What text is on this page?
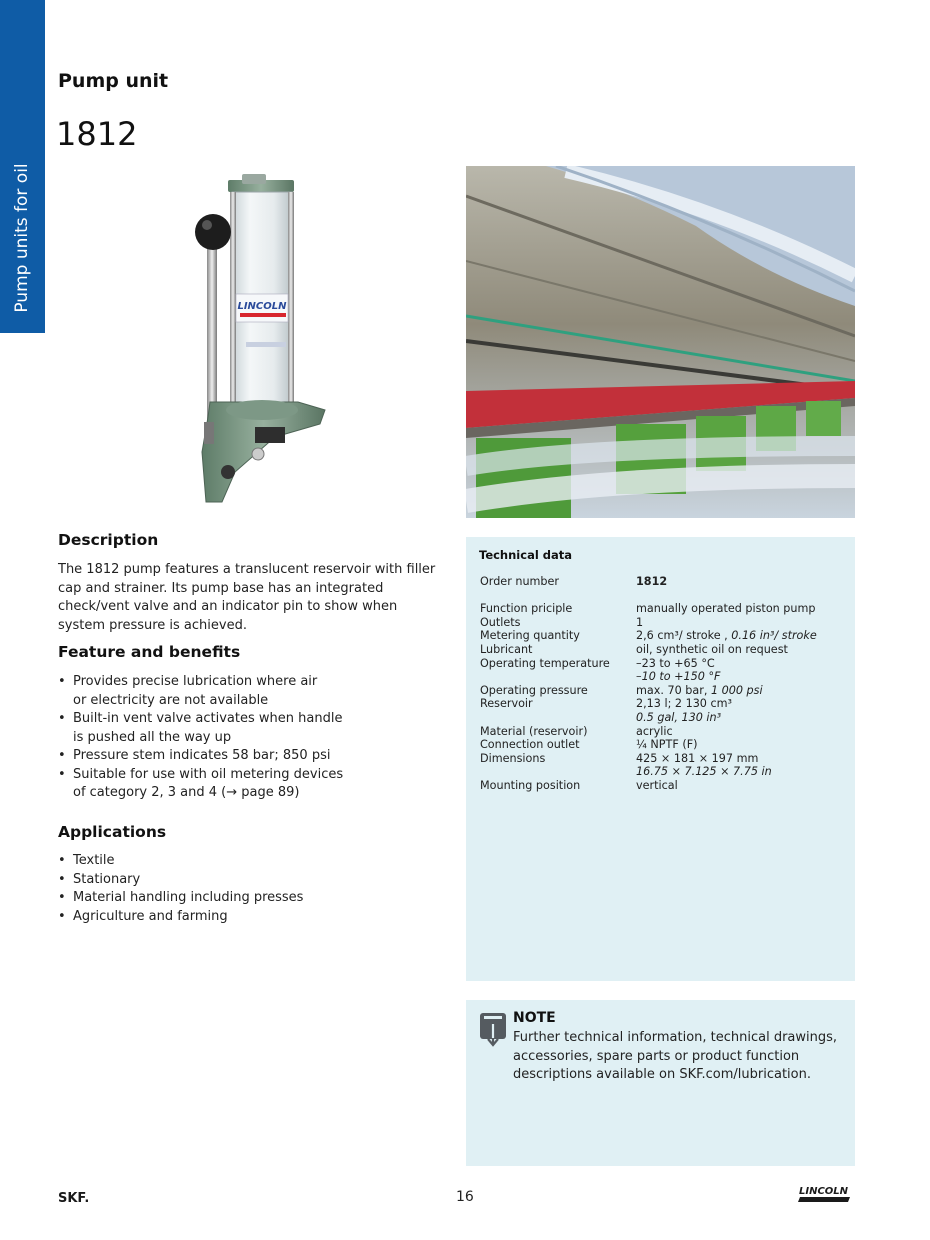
Pump units for oil
Pump unit
1812
LINCOLN
Description

The 1812 pump features a translucent reservoir with filler cap and strainer. Its pump base has an integrated check/vent valve and an indicator pin to show when system pressure is achieved.

Feature and benefits
• Provides precise lubrication where air
or electricity are not available
• Built-in vent valve activates when handle
is pushed all the way up
• Pressure stem indicates 58 bar; 850 psi
• Suitable for use with oil metering devices
of category 2, 3 and 4 (→ page 89)
Applications
• Textile
• Stationary
• Material handling including presses
• Agriculture and farming
Technical data
Order number	1812
Function priciple	manually operated piston pump
Outlets	1
Metering quantity	2,6 cm³/ stroke , 0.16 in³/ stroke
Lubricant	oil, synthetic oil on request
Operating temperature	–23 to +65 °C
–10 to +150 °F
Operating pressure	max. 70 bar, 1 000 psi
Reservoir	2,13 l; 2 130 cm³
0.5 gal, 130 in³
Material (reservoir)	acrylic
Connection outlet	¼ NPTF (F)
Dimensions	425 × 181 × 197 mm
16.75 × 7.125 × 7.75 in
Mounting position	vertical
NOTE

Further technical information, technical drawings, accessories, spare parts or product function descriptions available on SKF.com/lubrication.

SKF.	16	LINCOLN
